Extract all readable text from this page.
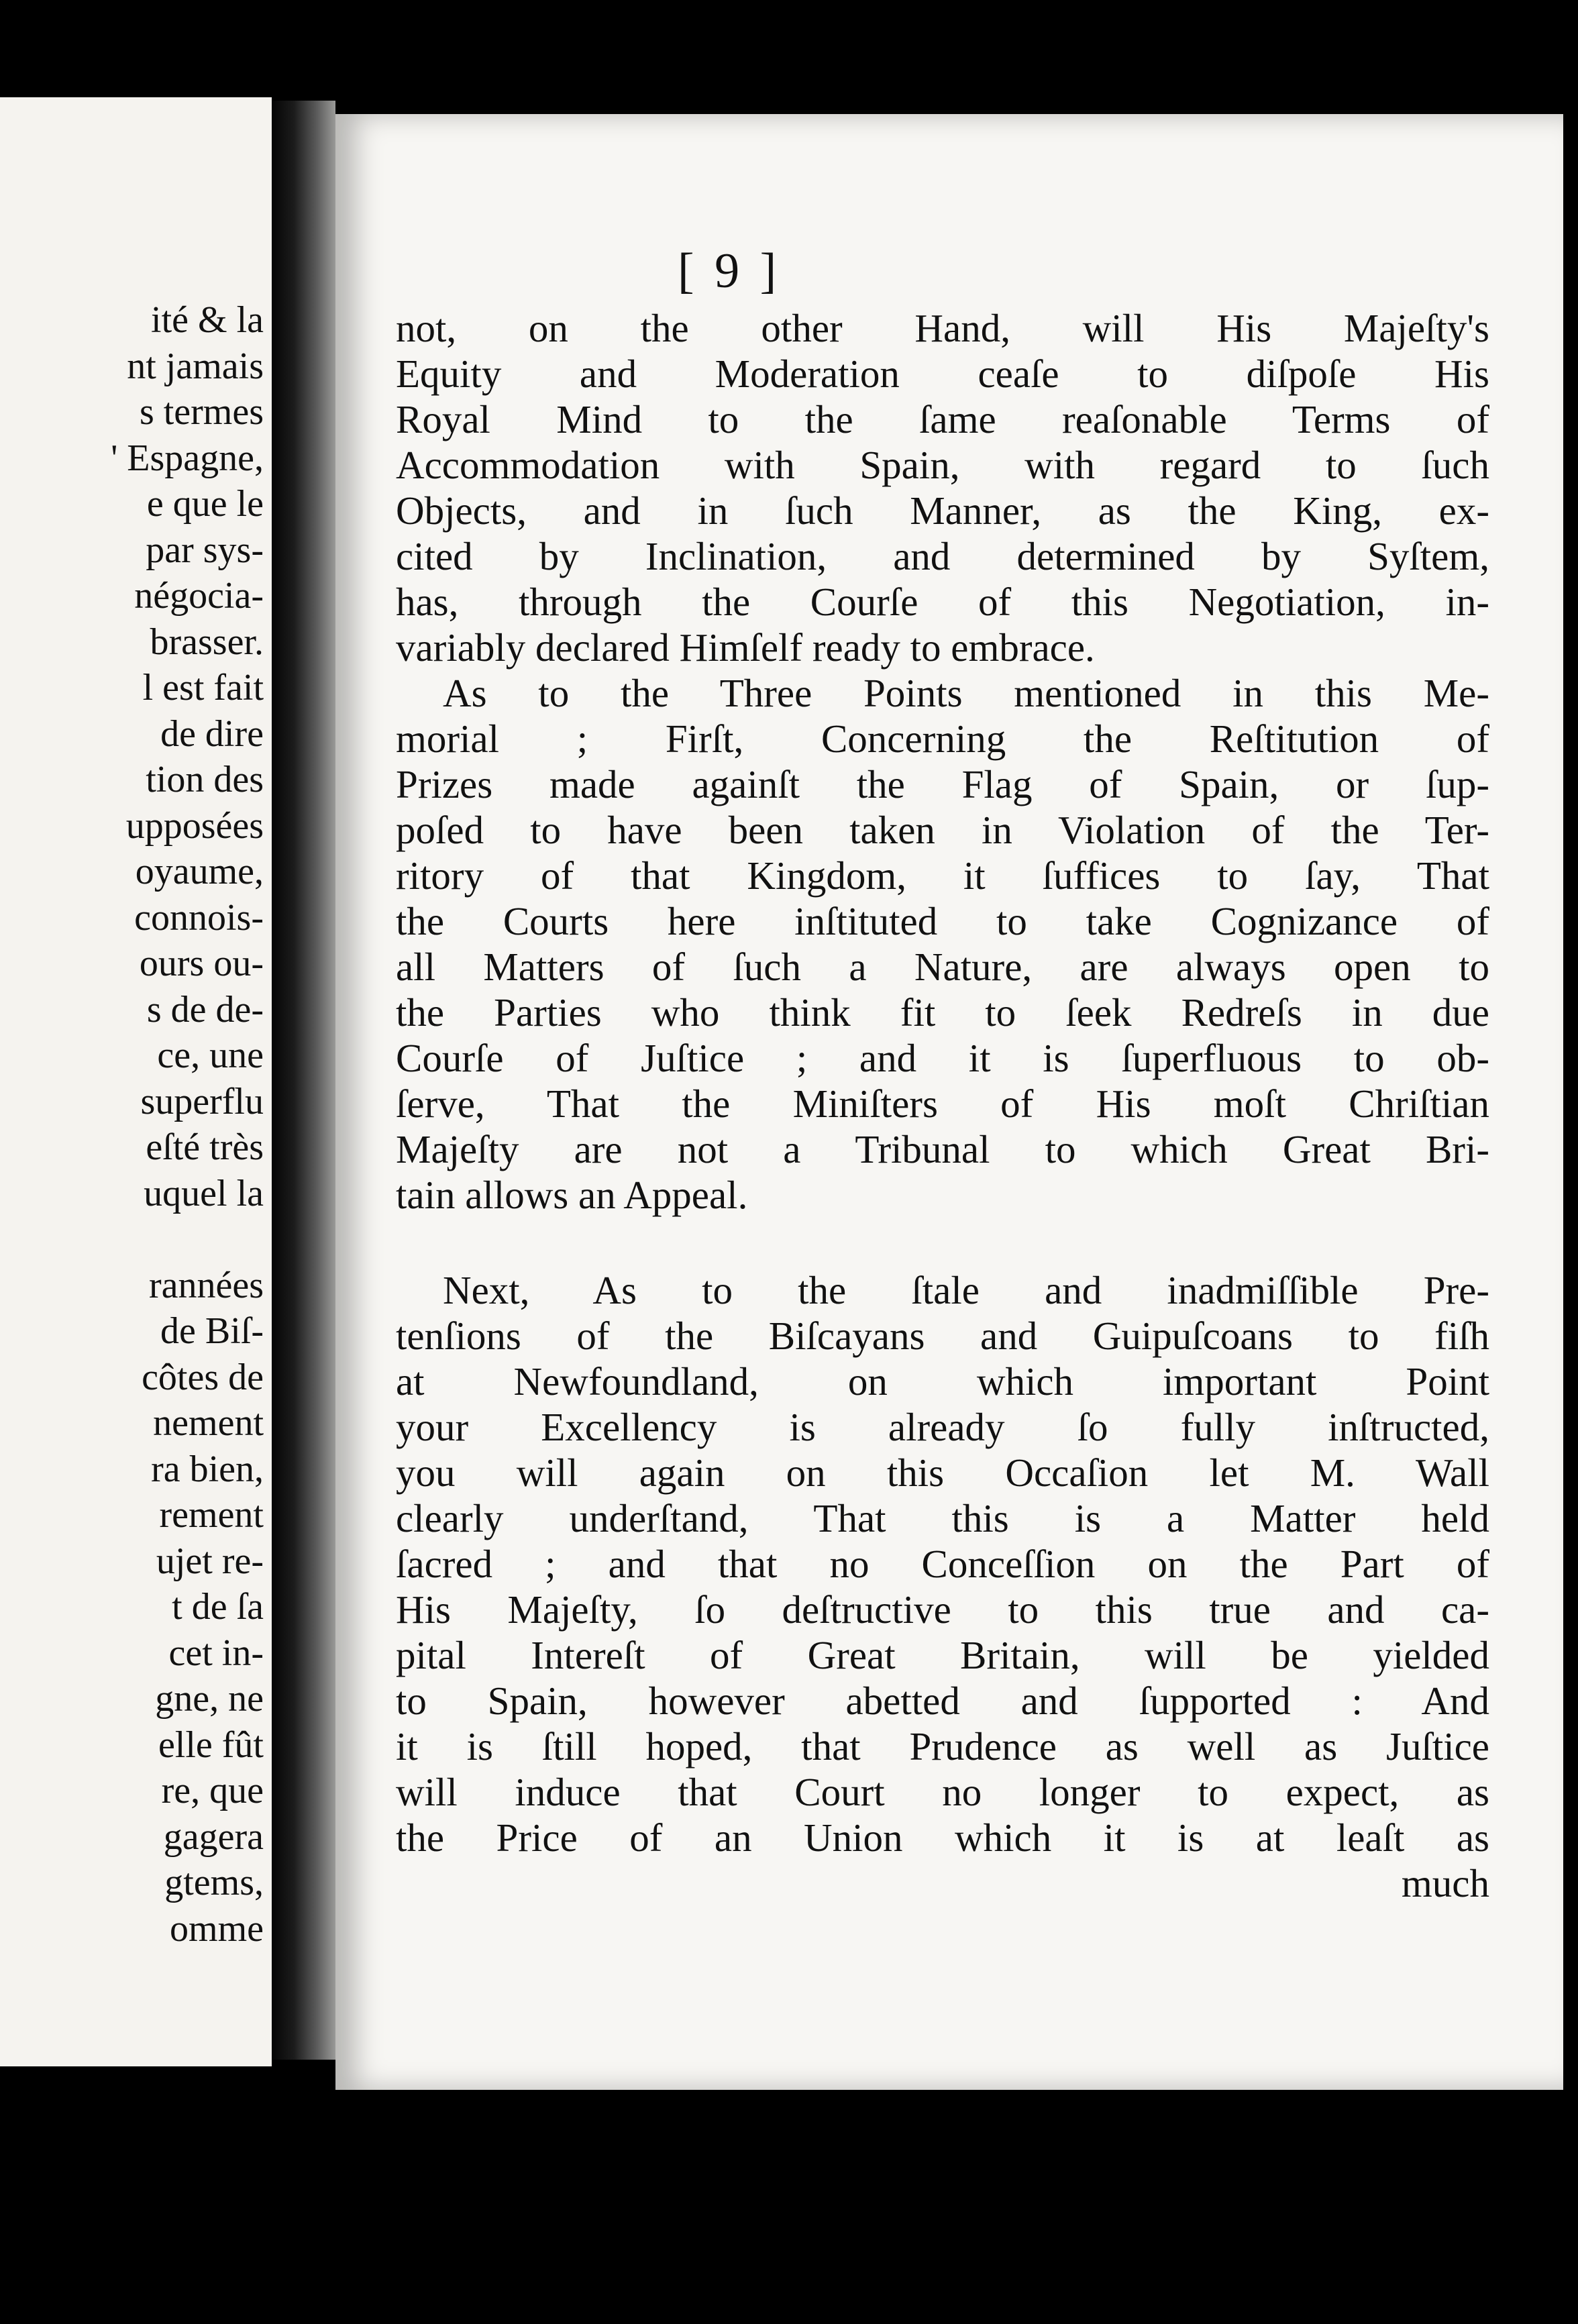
ité & la
nt jamais
s termes
' Espagne,
e que le
par sys-
négocia-
brasser.
l est fait
de dire
tion des
upposées
oyaume,
connois-
ours ou-
s de de-
ce, une
superflu
eſté très
uquel la
rannées
de Biſ-
côtes de
nement
ra bien,
rement
ujet re-
t de ſa
cet in-
gne, ne
elle fût
re, que
gagera
gtems,
omme
[ 9 ]
not, on the other Hand, will His Majeſty's
Equity and Moderation ceaſe to diſpoſe His
Royal Mind to the ſame reaſonable Terms of
Accommodation with Spain, with regard to ſuch
Objects, and in ſuch Manner, as the King, ex-
cited by Inclination, and determined by Syſtem,
has, through the Courſe of this Negotiation, in-
variably declared Himſelf ready to embrace.
As to the Three Points mentioned in this Me-
morial ; Firſt, Concerning the Reſtitution of
Prizes made againſt the Flag of Spain, or ſup-
poſed to have been taken in Violation of the Ter-
ritory of that Kingdom, it ſuffices to ſay, That
the Courts here inſtituted to take Cognizance of
all Matters of ſuch a Nature, are always open to
the Parties who think fit to ſeek Redreſs in due
Courſe of Juſtice ; and it is ſuperfluous to ob-
ſerve, That the Miniſters of His moſt Chriſtian
Majeſty are not a Tribunal to which Great Bri-
tain allows an Appeal.
Next, As to the ſtale and inadmiſſible Pre-
tenſions of the Biſcayans and Guipuſcoans to fiſh
at Newfoundland, on which important Point
your Excellency is already ſo fully inſtructed,
you will again on this Occaſion let M. Wall
clearly underſtand, That this is a Matter held
ſacred ; and that no Conceſſion on the Part of
His Majeſty, ſo deſtructive to this true and ca-
pital Intereſt of Great Britain, will be yielded
to Spain, however abetted and ſupported : And
it is ſtill hoped, that Prudence as well as Juſtice
will induce that Court no longer to expect, as
the Price of an Union which it is at leaſt as
much
